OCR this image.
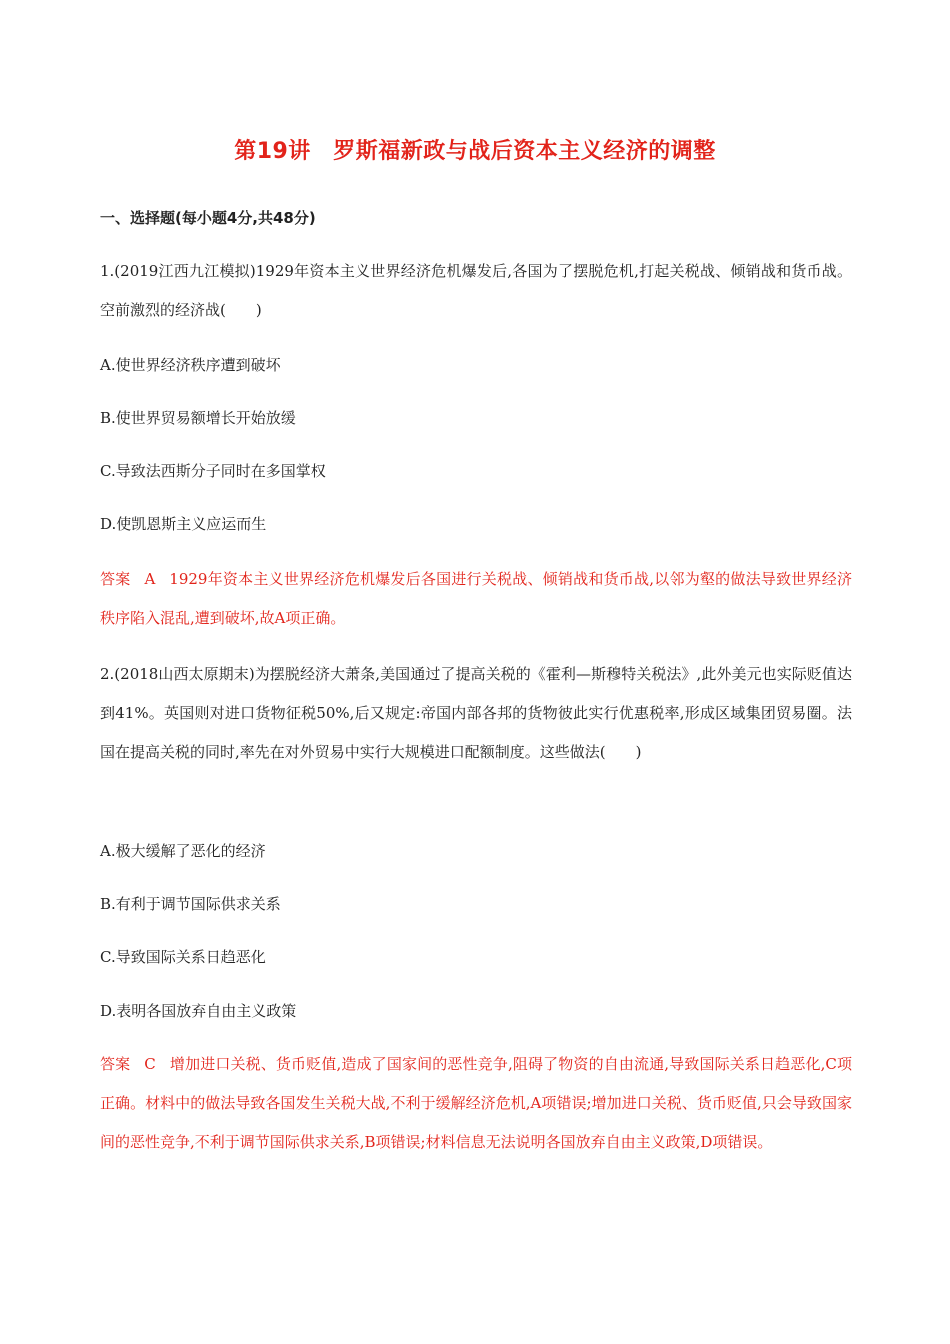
第19讲　罗斯福新政与战后资本主义经济的调整
一、选择题(每小题4分,共48分)
1.(2019江西九江模拟)1929年资本主义世界经济危机爆发后,各国为了摆脱危机,打起关税战、倾销战和货币战。空前激烈的经济战(　　)
A.使世界经济秩序遭到破坏
B.使世界贸易额增长开始放缓
C.导致法西斯分子同时在多国掌权
D.使凯恩斯主义应运而生
答案 A 1929年资本主义世界经济危机爆发后各国进行关税战、倾销战和货币战,以邻为壑的做法导致世界经济秩序陷入混乱,遭到破坏,故A项正确。
2.(2018山西太原期末)为摆脱经济大萧条,美国通过了提高关税的《霍利—斯穆特关税法》,此外美元也实际贬值达到41%。英国则对进口货物征税50%,后又规定:帝国内部各邦的货物彼此实行优惠税率,形成区域集团贸易圈。法国在提高关税的同时,率先在对外贸易中实行大规模进口配额制度。这些做法(　　)
A.极大缓解了恶化的经济
B.有利于调节国际供求关系
C.导致国际关系日趋恶化
D.表明各国放弃自由主义政策
答案 C 增加进口关税、货币贬值,造成了国家间的恶性竞争,阻碍了物资的自由流通,导致国际关系日趋恶化,C项正确。材料中的做法导致各国发生关税大战,不利于缓解经济危机,A项错误;增加进口关税、货币贬值,只会导致国家间的恶性竞争,不利于调节国际供求关系,B项错误;材料信息无法说明各国放弃自由主义政策,D项错误。
